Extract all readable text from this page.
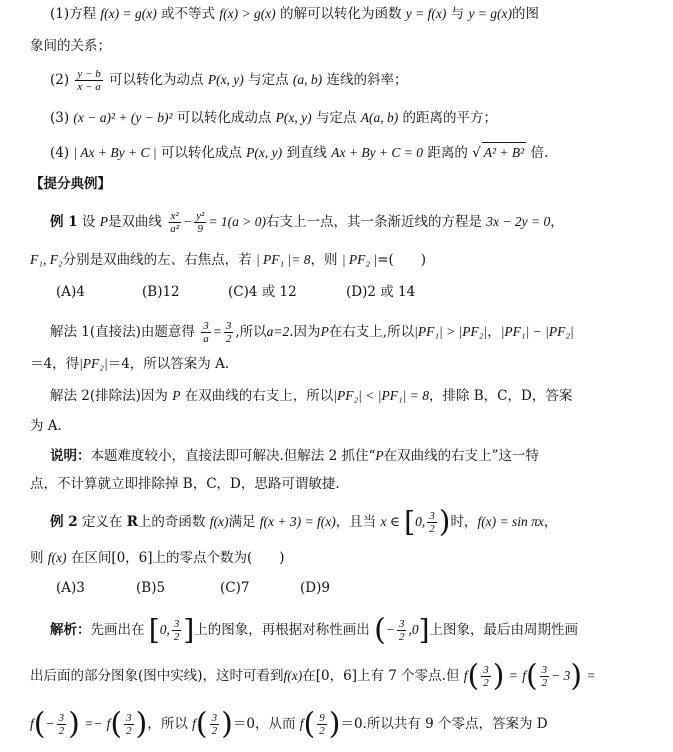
(1)方程 f(x) = g(x) 或不等式 f(x) > g(x) 的解可以转化为函数 y = f(x) 与 y = g(x)的图
象间的关系；
$(2) \frac{y - b}{x - a}$ 可以转化为动点 P(x, y) 与定点 (a, b) 连线的斜率；
(3) (x − a)² + (y − b)² 可以转化成动点 P(x, y) 与定点 A(a, b) 的距离的平方；
(4) | Ax + By + C | 可以转化成点 P(x, y) 到直线 Ax + By + C = 0 距离的 √ A² + B² 倍.
【提分典例】
例 1 设 P是双曲线 $\frac{\text{x²}}{\text{a²}} - \frac{\text{y²}}{9} = 1(a > 0)$右支上一点，其一条渐近线的方程是 3x − 2y = 0，
F₁, F₂分别是双曲线的左、右焦点，若 | PF₁ |= 8，则 | PF₂ |=(　　)
(A)4	(B)12	(C)4 或 12	(D)2 或 14
解法 1(直接法)由题意得 $\frac{3}{a} = \frac{3}{2}$ ,所以a=2.因为P在右支上,所以|PF₁| > |PF₂|，|PF₁| − |PF₂|
＝4，得|PF₂|＝4，所以答案为 A.
解法 2(排除法)因为 P 在双曲线的右支上，所以|PF₂| < |PF₁| = 8，排除 B，C，D，答案
为 A.
说明：本题难度较小，直接法即可解决.但解法 2 抓住“P在双曲线的右支上”这一特
点，不计算就立即排除掉 B，C，D，思路可谓敏捷.
例 2 定义在 R上的奇函数 f(x)满足 f(x + 3) = f(x)，且当 x ∈ [0, $\frac{3}{2}$ )时，f(x) = sin πx，
则 f(x) 在区间[0，6]上的零点个数为(　　)
(A)3	(B)5	(C)7	(D)9
解析：先画出在 [0, $\frac{3}{2}$ ]上的图象，再根据对称性画出 (− $\frac{3}{2} ,0$]上图象，最后由周期性画
出后面的部分图象(图中实线)，这时可看到f(x)在[0，6]上有 7 个零点.但 $f( \frac{3}{2}$ ) = $f( \frac{3}{2} - 3)$ =
$f(- \frac{3}{2}$ ) =− $f( \frac{3}{2}$ )，所以 $f( \frac{3}{2} )=0$，从而 $f( \frac{9}{2} )=0$.所以共有 9 个零点，答案为 D
